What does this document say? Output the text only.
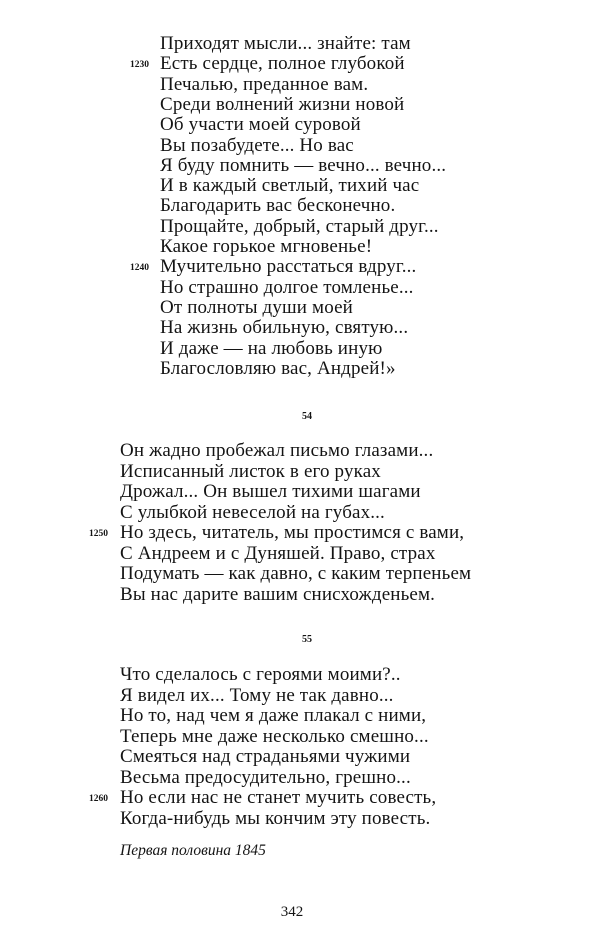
Приходят мысли... знайте: там
Есть сердце, полное глубокой
1230
Печалью, преданное вам.
Среди волнений жизни новой
Об участи моей суровой
Вы позабудете... Но вас
Я буду помнить — вечно... вечно...
И в каждый светлый, тихий час
Благодарить вас бесконечно.
Прощайте, добрый, старый друг...
Какое горькое мгновенье!
Мучительно расстаться вдруг...
1240
Но страшно долгое томленье...
От полноты души моей
На жизнь обильную, святую...
И даже — на любовь иную
Благословляю вас, Андрей!»
54
Он жадно пробежал письмо глазами...
Исписанный листок в его руках
Дрожал... Он вышел тихими шагами
С улыбкой невеселой на губах...
Но здесь, читатель, мы простимся с вами,
1250
С Андреем и с Дуняшей. Право, страх
Подумать — как давно, с каким терпеньем
Вы нас дарите вашим снисхожденьем.
55
Что сделалось с героями моими?..
Я видел их... Тому не так давно...
Но то, над чем я даже плакал с ними,
Теперь мне даже несколько смешно...
Смеяться над страданьями чужими
Весьма предосудительно, грешно...
Но если нас не станет мучить совесть,
1260
Когда-нибудь мы кончим эту повесть.
Первая половина 1845
342
